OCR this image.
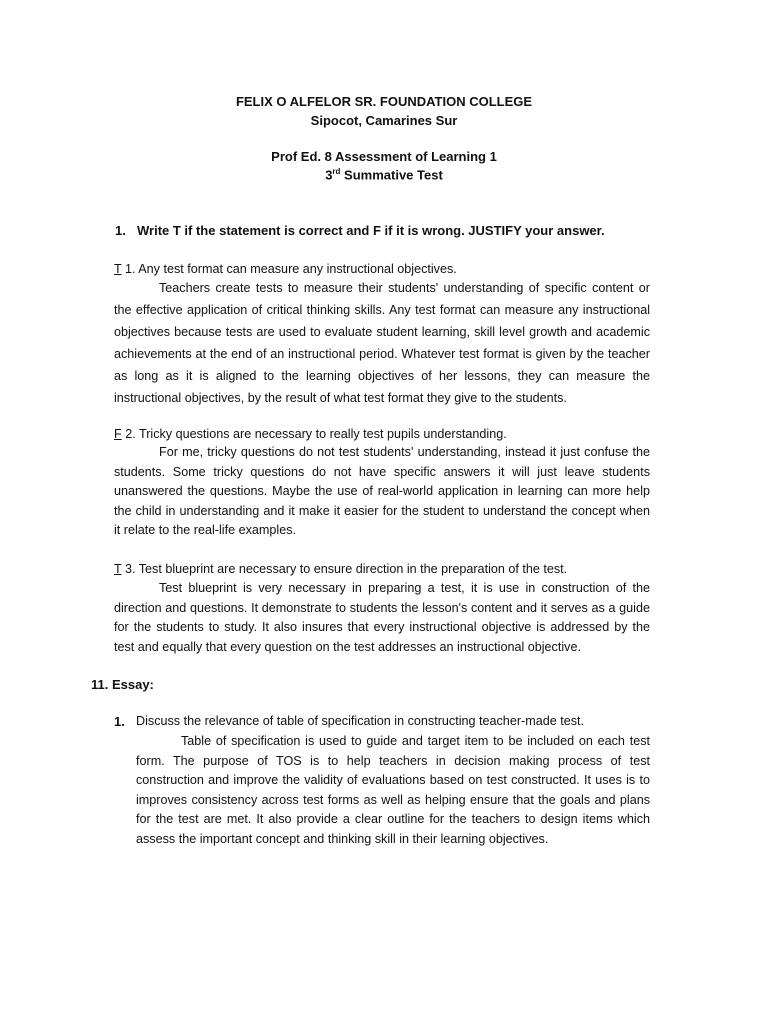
FELIX O ALFELOR SR. FOUNDATION COLLEGE
Sipocot, Camarines Sur
Prof Ed. 8 Assessment of Learning 1
3rd Summative Test
1. Write T if the statement is correct and F if it is wrong. JUSTIFY your answer.
T 1. Any test format can measure any instructional objectives.
Teachers create tests to measure their students' understanding of specific content or the effective application of critical thinking skills. Any test format can measure any instructional objectives because tests are used to evaluate student learning, skill level growth and academic achievements at the end of an instructional period. Whatever test format is given by the teacher as long as it is aligned to the learning objectives of her lessons, they can measure the instructional objectives, by the result of what test format they give to the students.
F 2. Tricky questions are necessary to really test pupils understanding.
For me, tricky questions do not test students' understanding, instead it just confuse the students. Some tricky questions do not have specific answers it will just leave students unanswered the questions. Maybe the use of real-world application in learning can more help the child in understanding and it make it easier for the student to understand the concept when it relate to the real-life examples.
T 3. Test blueprint are necessary to ensure direction in the preparation of the test.
Test blueprint is very necessary in preparing a test, it is use in construction of the direction and questions. It demonstrate to students the lesson's content and it serves as a guide for the students to study. It also insures that every instructional objective is addressed by the test and equally that every question on the test addresses an instructional objective.
11. Essay:
1. Discuss the relevance of table of specification in constructing teacher-made test.
Table of specification is used to guide and target item to be included on each test form. The purpose of TOS is to help teachers in decision making process of test construction and improve the validity of evaluations based on test constructed. It uses is to improves consistency across test forms as well as helping ensure that the goals and plans for the test are met. It also provide a clear outline for the teachers to design items which assess the important concept and thinking skill in their learning objectives.
